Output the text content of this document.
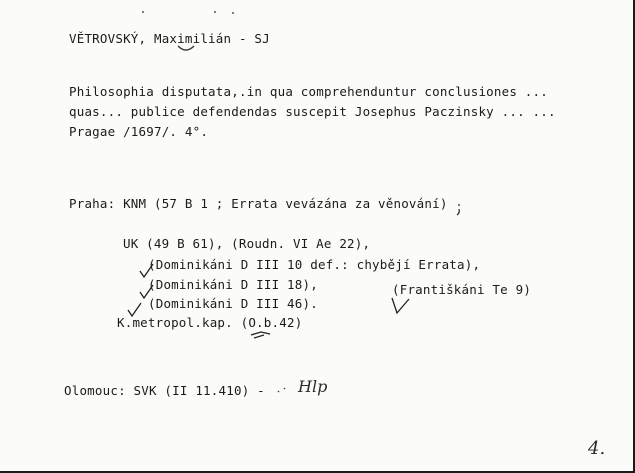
VĚTROVSKÝ, Maximilián - SJ
Philosophia disputata,.in qua comprehenduntur conclusiones ...
quas... publice defendendas suscepit Josephus Paczinsky ... ...
Pragae /1697/. 4°.
Praha: KNM (57 B 1 ; Errata vevázána za věnování)
UK (49 B 61), (Roudn. VI Ae 22),
(Dominikáni D III 10 def.: chybějí Errata),
(Dominikáni D III 18),
(Dominikáni D III 46).
(Františkáni Te 9)
K.metropol.kap. (O.b.42)
Olomouc: SVK (II 11.410) - Hlp
4.
